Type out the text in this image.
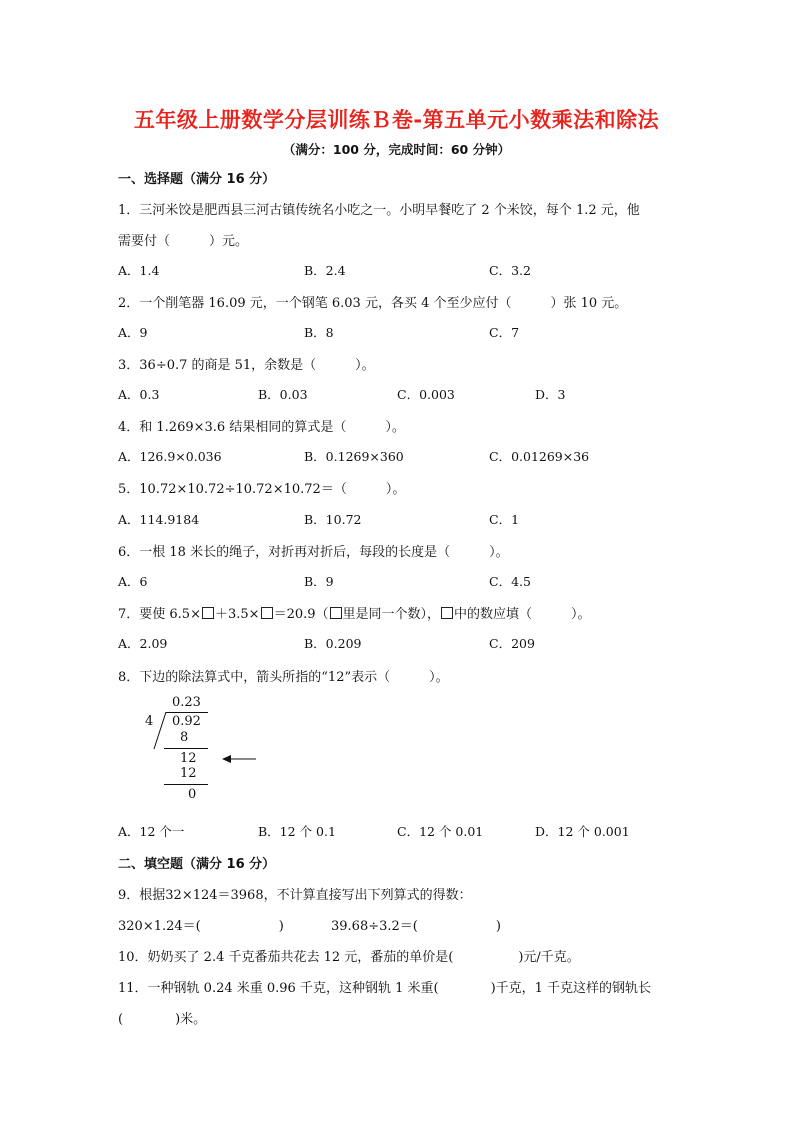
五年级上册数学分层训练Ｂ卷-第五单元小数乘法和除法
（满分：100 分，完成时间：60 分钟）
一、选择题（满分 16 分）
1．三河米饺是肥西县三河古镇传统名小吃之一。小明早餐吃了 2 个米饺，每个 1.2 元，他
需要付（　　　）元。
A．1.4	B．2.4	C．3.2
2．一个削笔器 16.09 元，一个钢笔 6.03 元，各买 4 个至少应付（　　　）张 10 元。
A．9	B．8	C．7
3．36÷0.7 的商是 51，余数是（　　　）。
A．0.3	B．0.03	C．0.003	D．3
4．和 1.269×3.6 结果相同的算式是（　　　）。
A．126.9×0.036	B．0.1269×360	C．0.01269×36
5．10.72×10.72÷10.72×10.72＝（　　　）。
A．114.9184	B．10.72	C．1
6．一根 18 米长的绳子，对折再对折后，每段的长度是（　　　）。
A．6	B．9	C．4.5
7．要使 6.5× ＋3.5× ＝20.9（ 里是同一个数）， 中的数应填（　　　）。
A．2.09	B．0.209	C．209
8．下边的除法算式中，箭头所指的“12”表示（　　　）。
0.23
4 0.92
8
12
12
0
A．12 个一	B．12 个 0.1	C．12 个 0.01	D．12 个 0.001
二、填空题（满分 16 分）
9．根据32×124＝3968，不计算直接写出下列算式的得数：
320×1.24＝(　　　　　　)	39.68÷3.2＝(　　　　　　)
10．奶奶买了 2.4 千克番茄共花去 12 元，番茄的单价是(　　　　　)元/千克。
11．一种钢轨 0.24 米重 0.96 千克，这种钢轨 1 米重(　　　　)千克，1 千克这样的钢轨长
(　　　　)米。
